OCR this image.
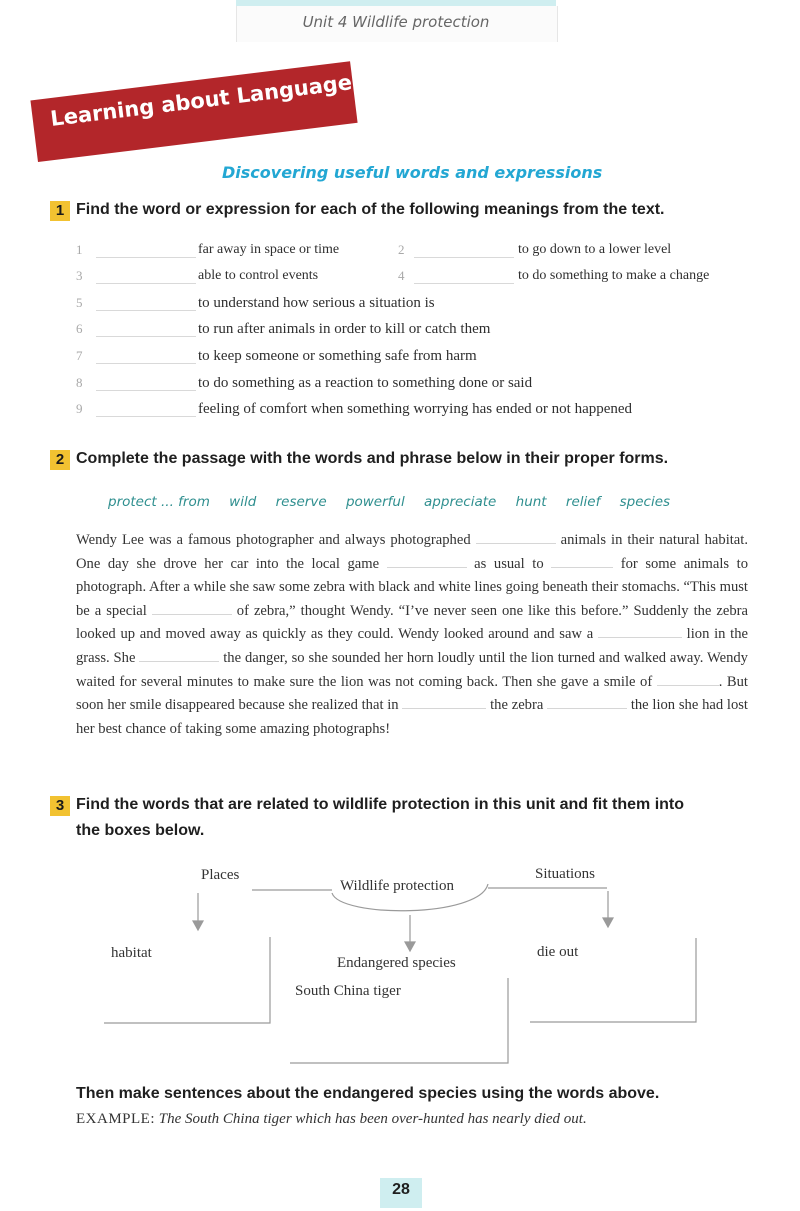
Unit 4 Wildlife protection
Learning about Language
Discovering useful words and expressions
1 Find the word or expression for each of the following meanings from the text.
1	far away in space or time	2	to go down to a lower level
3	able to control events	4	to do something to make a change
5	to understand how serious a situation is
6	to run after animals in order to kill or catch them
7	to keep someone or something safe from harm
8	to do something as a reaction to something done or said
9	feeling of comfort when something worrying has ended or not happened
2 Complete the passage with the words and phrase below in their proper forms.
protect ... from wild reserve powerful appreciate hunt relief species
Wendy Lee was a famous photographer and always photographed	animals in their natural habitat. One day she drove her car into the local game	as usual to	for some animals to photograph. After a while she saw some zebra with black and white lines going beneath their stomachs. “This must be a special	of zebra,” thought Wendy. “I’ve never seen one like this before.” Suddenly the zebra looked up and moved away as quickly as they could. Wendy looked around and saw a	lion in the grass. She	the danger, so she sounded her horn loudly until the lion turned and walked away. Wendy waited for several minutes to make sure the lion was not coming back. Then she gave a smile of	. But soon her smile disappeared because she realized that in	the zebra	the lion she had lost her best chance of taking some amazing photographs!
3 Find the words that are related to wildlife protection in this unit and fit them into
the boxes below.
Places
Wildlife protection
Situations
habitat
Endangered species
South China tiger
die out
Then make sentences about the endangered species using the words above.
EXAMPLE: The South China tiger which has been over-hunted has nearly died out.
28
